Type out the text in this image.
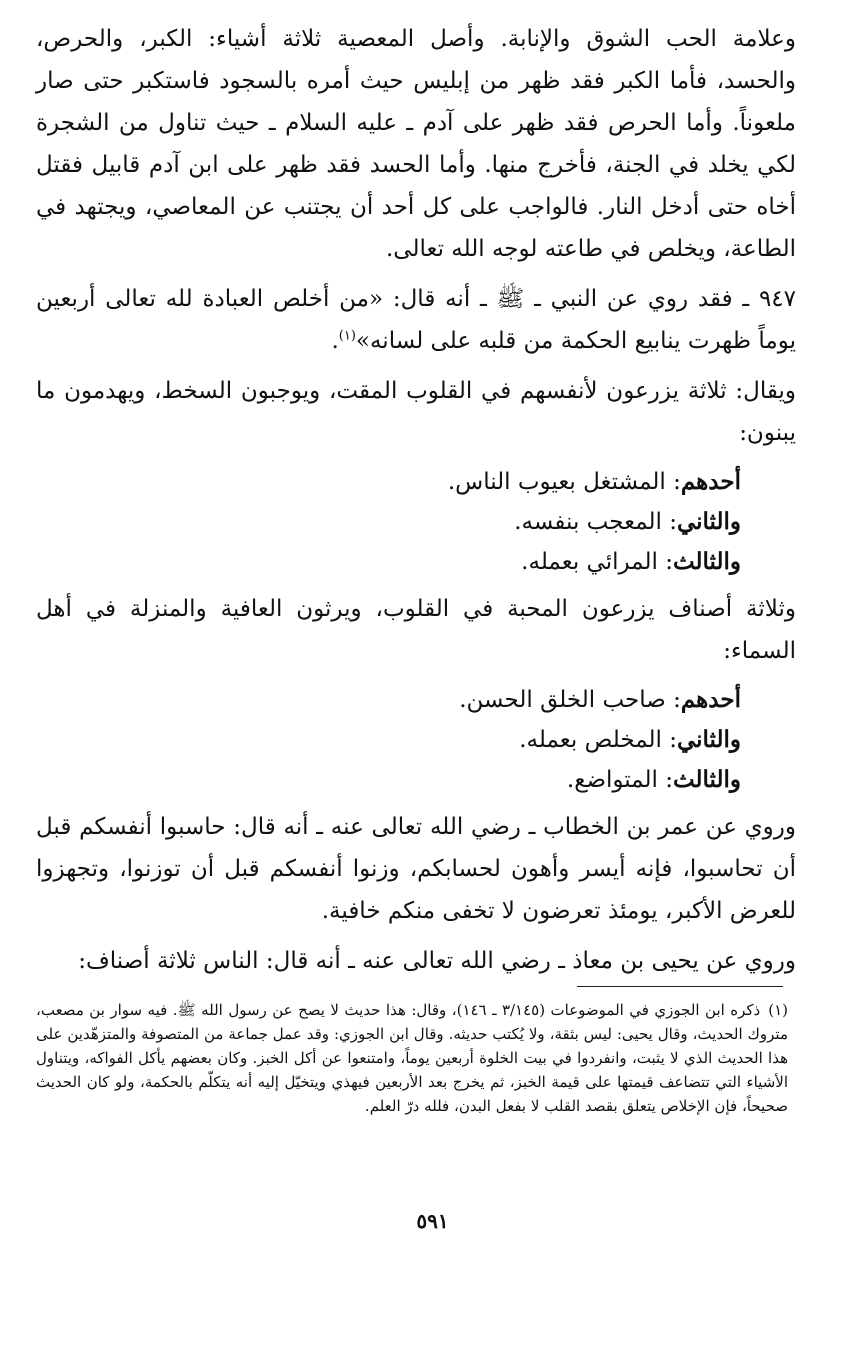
وعلامة الحب الشوق والإنابة. وأصل المعصية ثلاثة أشياء: الكبر، والحرص، والحسد، فأما الكبر فقد ظهر من إبليس حيث أمره بالسجود فاستكبر حتى صار ملعوناً. وأما الحرص فقد ظهر على آدم ـ عليه السلام ـ حيث تناول من الشجرة لكي يخلد في الجنة، فأخرج منها. وأما الحسد فقد ظهر على ابن آدم قابيل فقتل أخاه حتى أدخل النار. فالواجب على كل أحد أن يجتنب عن المعاصي، ويجتهد في الطاعة، ويخلص في طاعته لوجه الله تعالى.

٩٤٧ ـ فقد روي عن النبي ـ ﷺ ـ أنه قال: «من أخلص العبادة لله تعالى أربعين يوماً ظهرت ينابيع الحكمة من قلبه على لسانه»$^{(١)}$.

ويقال: ثلاثة يزرعون لأنفسهم في القلوب المقت، ويوجبون السخط، ويهدمون ما يبنون:

أحدهم: المشتغل بعيوب الناس.
والثاني: المعجب بنفسه.
والثالث: المرائي بعمله.

وثلاثة أصناف يزرعون المحبة في القلوب، ويرثون العافية والمنزلة في أهل السماء:

أحدهم: صاحب الخلق الحسن.
والثاني: المخلص بعمله.
والثالث: المتواضع.

وروي عن عمر بن الخطاب ـ رضي الله تعالى عنه ـ أنه قال: حاسبوا أنفسكم قبل أن تحاسبوا، فإنه أيسر وأهون لحسابكم، وزنوا أنفسكم قبل أن توزنوا، وتجهزوا للعرض الأكبر، يومئذ تعرضون لا تخفى منكم خافية.

وروي عن يحيى بن معاذ ـ رضي الله تعالى عنه ـ أنه قال: الناس ثلاثة أصناف:

(١)ذكره ابن الجوزي في الموضوعات (٣/١٤٥ ـ ١٤٦)، وقال: هذا حديث لا يصح عن رسول الله ﷺ. فيه سوار بن مصعب، متروك الحديث، وقال يحيى: ليس بثقة، ولا يُكتب حديثه. وقال ابن الجوزي: وقد عمل جماعة من المتصوفة والمتزهّدين على هذا الحديث الذي لا يثبت، وانفردوا في بيت الخلوة أربعين يوماً، وامتنعوا عن أكل الخبز. وكان بعضهم يأكل الفواكه، ويتناول الأشياء التي تتضاعف قيمتها على قيمة الخبز، ثم يخرج بعد الأربعين فيهذي ويتخيّل إليه أنه يتكلّم بالحكمة، ولو كان الحديث صحيحاً، فإن الإخلاص يتعلق بقصد القلب لا بفعل البدن، فلله درّ العلم.
٥٩١
